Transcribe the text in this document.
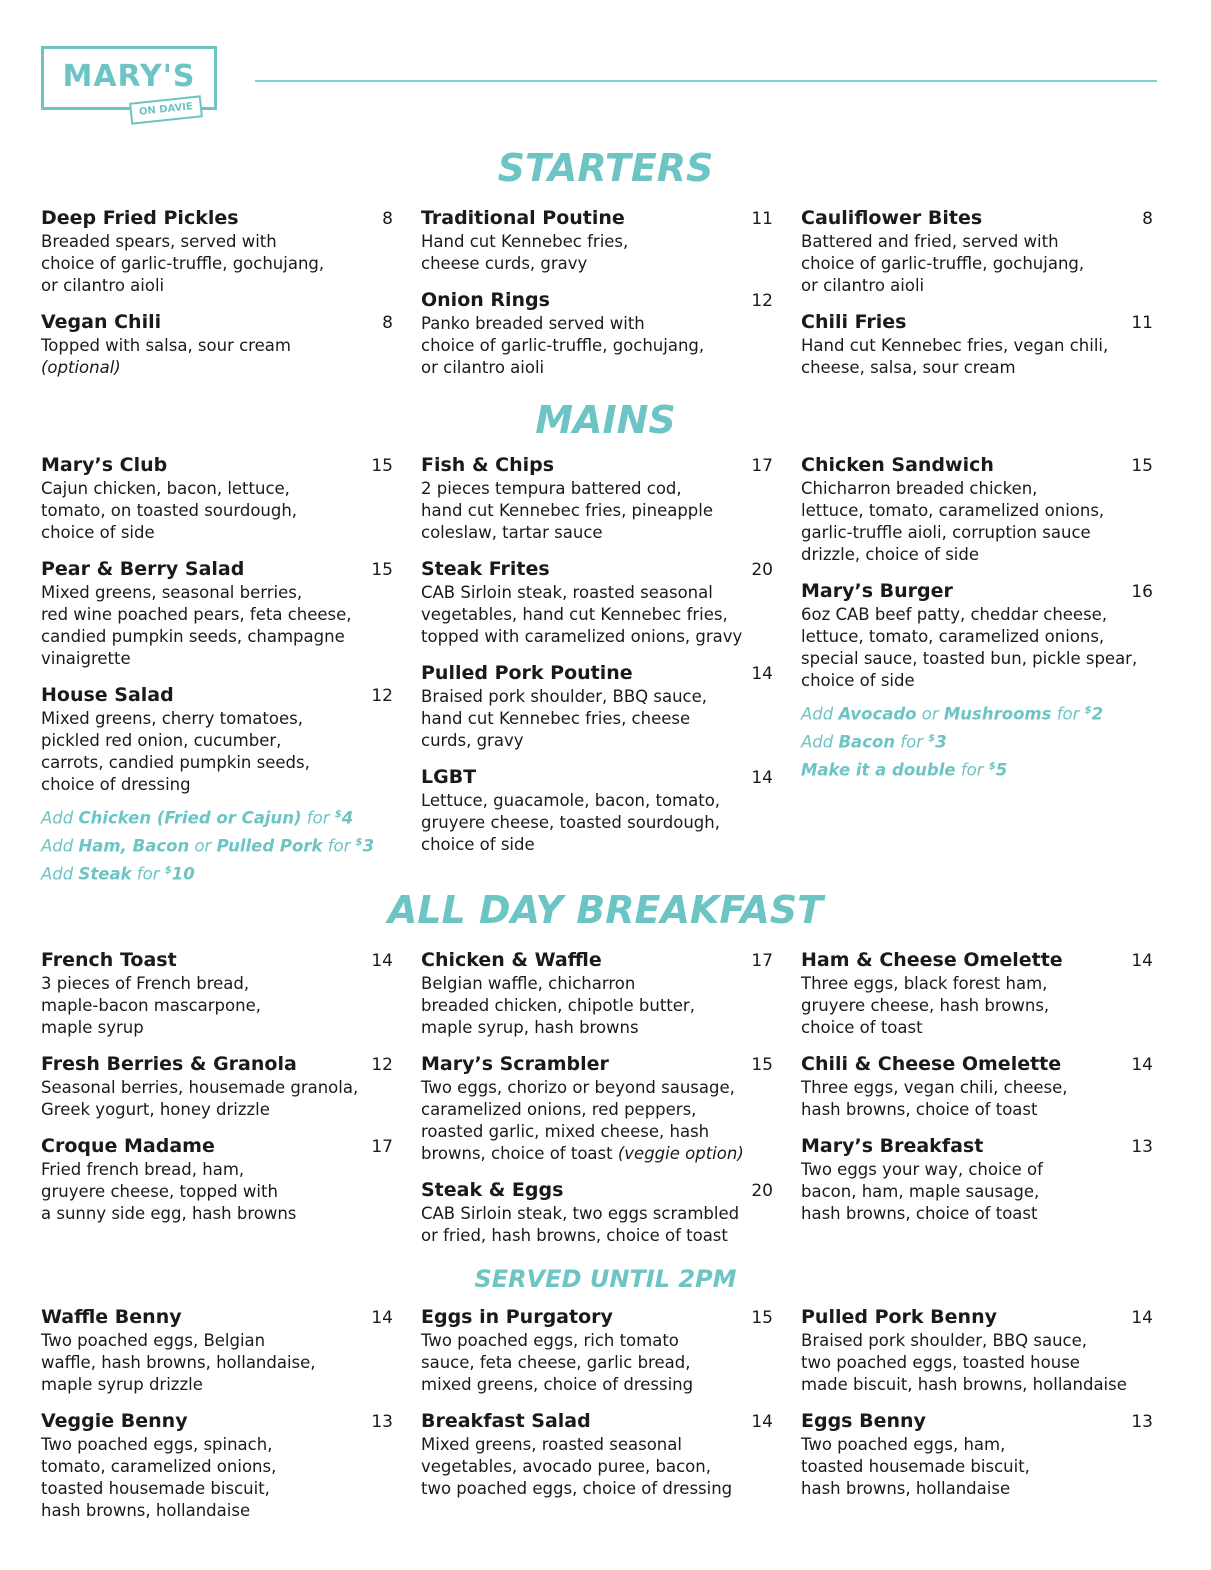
MARY'S
ON DAVIE
STARTERS
Deep Fried Pickles	8
Breaded spears, served with
choice of garlic-truffle, gochujang,
or cilantro aioli
Vegan Chili	8
Topped with salsa, sour cream
(optional)
Traditional Poutine	11
Hand cut Kennebec fries,
cheese curds, gravy
Onion Rings	12
Panko breaded served with
choice of garlic-truffle, gochujang,
or cilantro aioli
Cauliflower Bites	8
Battered and fried, served with
choice of garlic-truffle, gochujang,
or cilantro aioli
Chili Fries	11
Hand cut Kennebec fries, vegan chili,
cheese, salsa, sour cream
MAINS
Mary’s Club	15
Cajun chicken, bacon, lettuce,
tomato, on toasted sourdough,
choice of side
Pear & Berry Salad	15
Mixed greens, seasonal berries,
red wine poached pears, feta cheese,
candied pumpkin seeds, champagne
vinaigrette
House Salad	12
Mixed greens, cherry tomatoes,
pickled red onion, cucumber,
carrots, candied pumpkin seeds,
choice of dressing
Add Chicken (Fried or Cajun) for $4
Add Ham, Bacon or Pulled Pork for $3
Add Steak for $10
Fish & Chips	17
2 pieces tempura battered cod,
hand cut Kennebec fries, pineapple
coleslaw, tartar sauce
Steak Frites	20
CAB Sirloin steak, roasted seasonal
vegetables, hand cut Kennebec fries,
topped with caramelized onions, gravy
Pulled Pork Poutine	14
Braised pork shoulder, BBQ sauce,
hand cut Kennebec fries, cheese
curds, gravy
LGBT	14
Lettuce, guacamole, bacon, tomato,
gruyere cheese, toasted sourdough,
choice of side
Chicken Sandwich	15
Chicharron breaded chicken,
lettuce, tomato, caramelized onions,
garlic-truffle aioli, corruption sauce
drizzle, choice of side
Mary’s Burger	16
6oz CAB beef patty, cheddar cheese,
lettuce, tomato, caramelized onions,
special sauce, toasted bun, pickle spear,
choice of side
Add Avocado or Mushrooms for $2
Add Bacon for $3
Make it a double for $5
ALL DAY BREAKFAST
French Toast	14
3 pieces of French bread,
maple-bacon mascarpone,
maple syrup
Fresh Berries & Granola	12
Seasonal berries, housemade granola,
Greek yogurt, honey drizzle
Croque Madame	17
Fried french bread, ham,
gruyere cheese, topped with
a sunny side egg, hash browns
Chicken & Waffle	17
Belgian waffle, chicharron
breaded chicken, chipotle butter,
maple syrup, hash browns
Mary’s Scrambler	15
Two eggs, chorizo or beyond sausage,
caramelized onions, red peppers,
roasted garlic, mixed cheese, hash
browns, choice of toast (veggie option)
Steak & Eggs	20
CAB Sirloin steak, two eggs scrambled
or fried, hash browns, choice of toast
Ham & Cheese Omelette	14
Three eggs, black forest ham,
gruyere cheese, hash browns,
choice of toast
Chili & Cheese Omelette	14
Three eggs, vegan chili, cheese,
hash browns, choice of toast
Mary’s Breakfast	13
Two eggs your way, choice of
bacon, ham, maple sausage,
hash browns, choice of toast
SERVED UNTIL 2PM
Waffle Benny	14
Two poached eggs, Belgian
waffle, hash browns, hollandaise,
maple syrup drizzle
Veggie Benny	13
Two poached eggs, spinach,
tomato, caramelized onions,
toasted housemade biscuit,
hash browns, hollandaise
Eggs in Purgatory	15
Two poached eggs, rich tomato
sauce, feta cheese, garlic bread,
mixed greens, choice of dressing
Breakfast Salad	14
Mixed greens, roasted seasonal
vegetables, avocado puree, bacon,
two poached eggs, choice of dressing
Pulled Pork Benny	14
Braised pork shoulder, BBQ sauce,
two poached eggs, toasted house
made biscuit, hash browns, hollandaise
Eggs Benny	13
Two poached eggs, ham,
toasted housemade biscuit,
hash browns, hollandaise
